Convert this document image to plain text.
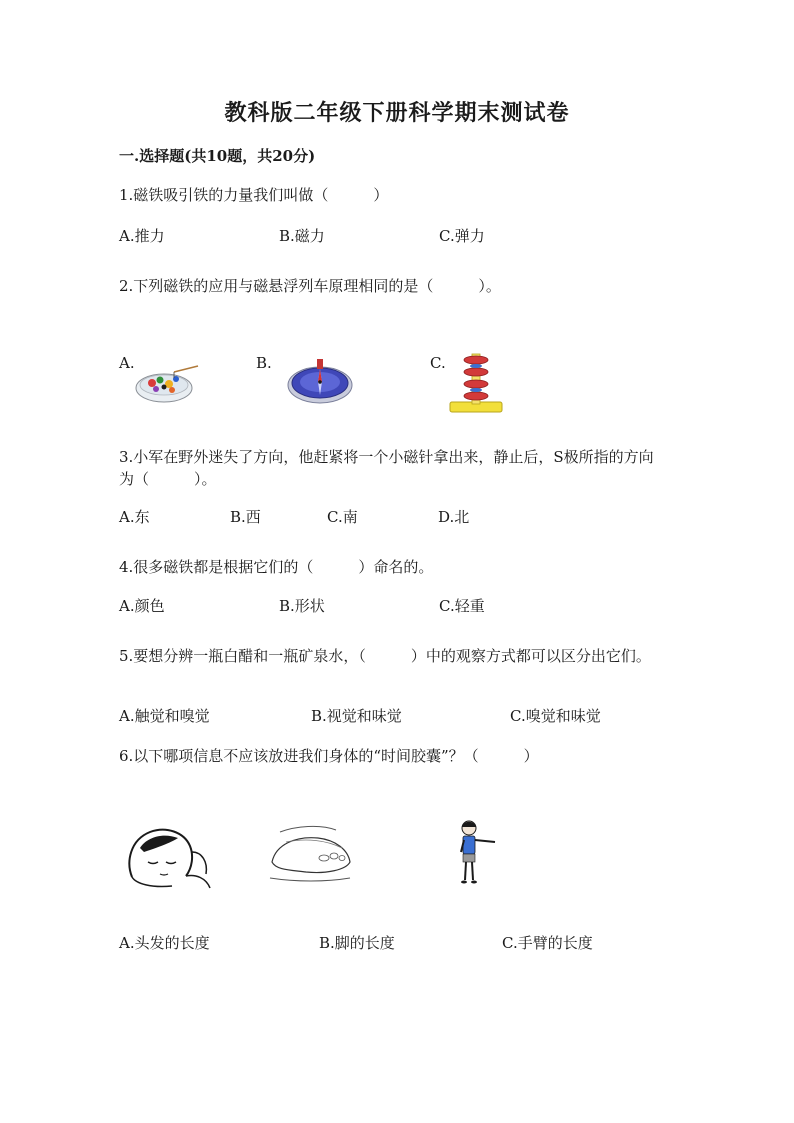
教科版二年级下册科学期末测试卷
一.选择题(共10题，共20分)
1.磁铁吸引铁的力量我们叫做（　　　）
A.推力	B.磁力	C.弹力
2.下列磁铁的应用与磁悬浮列车原理相同的是（　　　）。
A.	B.	C.
3.小军在野外迷失了方向，他赶紧将一个小磁针拿出来，静止后，S极所指的方向为（　　　）。
A.东	B.西	C.南	D.北
4.很多磁铁都是根据它们的（　　　）命名的。
A.颜色	B.形状	C.轻重
5.要想分辨一瓶白醋和一瓶矿泉水，（　　　）中的观察方式都可以区分出它们。
A.触觉和嗅觉	B.视觉和味觉	C.嗅觉和味觉
6.以下哪项信息不应该放进我们身体的“时间胶囊”？（　　　）
A.头发的长度	B.脚的长度	C.手臂的长度
